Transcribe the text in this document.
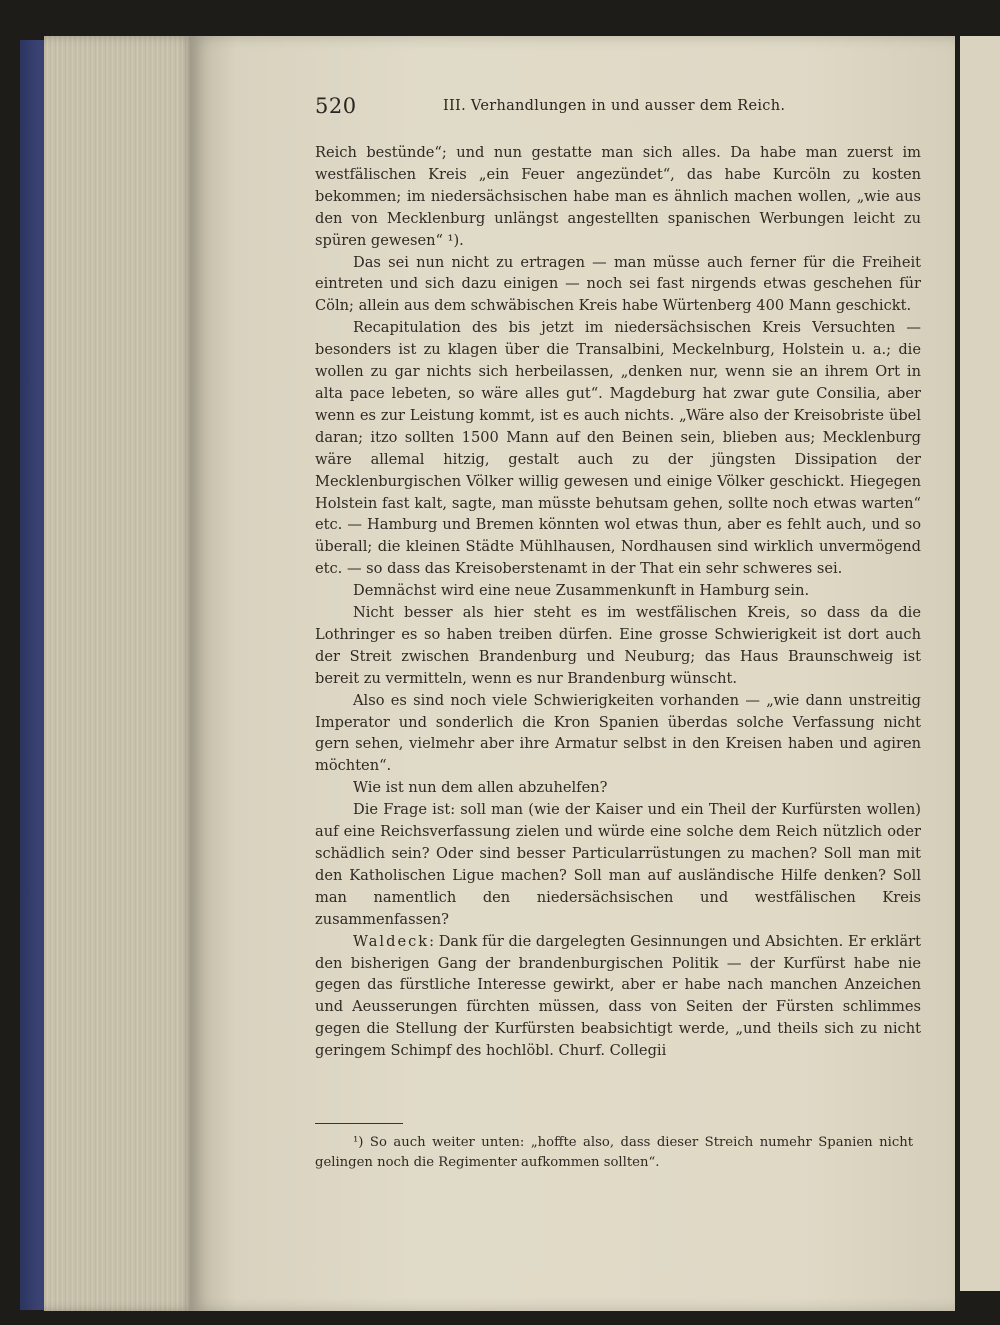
520	III. Verhandlungen in und ausser dem Reich.

Reich bestünde“; und nun gestatte man sich alles. Da habe man zuerst im westfälischen Kreis „ein Feuer angezündet“, das habe Kurcöln zu kosten bekommen; im niedersächsischen habe man es ähnlich machen wollen, „wie aus den von Mecklenburg unlängst angestellten spanischen Werbungen leicht zu spüren gewesen“ ¹).

Das sei nun nicht zu ertragen — man müsse auch ferner für die Freiheit eintreten und sich dazu einigen — noch sei fast nirgends etwas geschehen für Cöln; allein aus dem schwäbischen Kreis habe Würtenberg 400 Mann geschickt.

Recapitulation des bis jetzt im niedersächsischen Kreis Versuchten — besonders ist zu klagen über die Transalbini, Meckelnburg, Holstein u. a.; die wollen zu gar nichts sich herbeilassen, „denken nur, wenn sie an ihrem Ort in alta pace lebeten, so wäre alles gut“. Magdeburg hat zwar gute Consilia, aber wenn es zur Leistung kommt, ist es auch nichts. „Wäre also der Kreisobriste übel daran; itzo sollten 1500 Mann auf den Beinen sein, blieben aus; Mecklenburg wäre allemal hitzig, gestalt auch zu der jüngsten Dissipation der Mecklenburgischen Völker willig gewesen und einige Völker geschickt. Hiegegen Holstein fast kalt, sagte, man müsste behutsam gehen, sollte noch etwas warten“ etc. — Hamburg und Bremen könnten wol etwas thun, aber es fehlt auch, und so überall; die kleinen Städte Mühlhausen, Nordhausen sind wirklich unvermögend etc. — so dass das Kreisoberstenamt in der That ein sehr schweres sei.

Demnächst wird eine neue Zusammenkunft in Hamburg sein.

Nicht besser als hier steht es im westfälischen Kreis, so dass da die Lothringer es so haben treiben dürfen. Eine grosse Schwierigkeit ist dort auch der Streit zwischen Brandenburg und Neuburg; das Haus Braunschweig ist bereit zu vermitteln, wenn es nur Brandenburg wünscht.

Also es sind noch viele Schwierigkeiten vorhanden — „wie dann unstreitig Imperator und sonderlich die Kron Spanien überdas solche Verfassung nicht gern sehen, vielmehr aber ihre Armatur selbst in den Kreisen haben und agiren möchten“.

Wie ist nun dem allen abzuhelfen?

Die Frage ist: soll man (wie der Kaiser und ein Theil der Kurfürsten wollen) auf eine Reichsverfassung zielen und würde eine solche dem Reich nützlich oder schädlich sein? Oder sind besser Particularrüstungen zu machen? Soll man mit den Katholischen Ligue machen? Soll man auf ausländische Hilfe denken? Soll man namentlich den niedersächsischen und westfälischen Kreis zusammenfassen?

Waldeck: Dank für die dargelegten Gesinnungen und Absichten. Er erklärt den bisherigen Gang der brandenburgischen Politik — der Kurfürst habe nie gegen das fürstliche Interesse gewirkt, aber er habe nach manchen Anzeichen und Aeusserungen fürchten müssen, dass von Seiten der Fürsten schlimmes gegen die Stellung der Kurfürsten beabsichtigt werde, „und theils sich zu nicht geringem Schimpf des hochlöbl. Churf. Collegii

¹) So auch weiter unten: „hoffte also, dass dieser Streich numehr Spanien nicht gelingen noch die Regimenter aufkommen sollten“.
